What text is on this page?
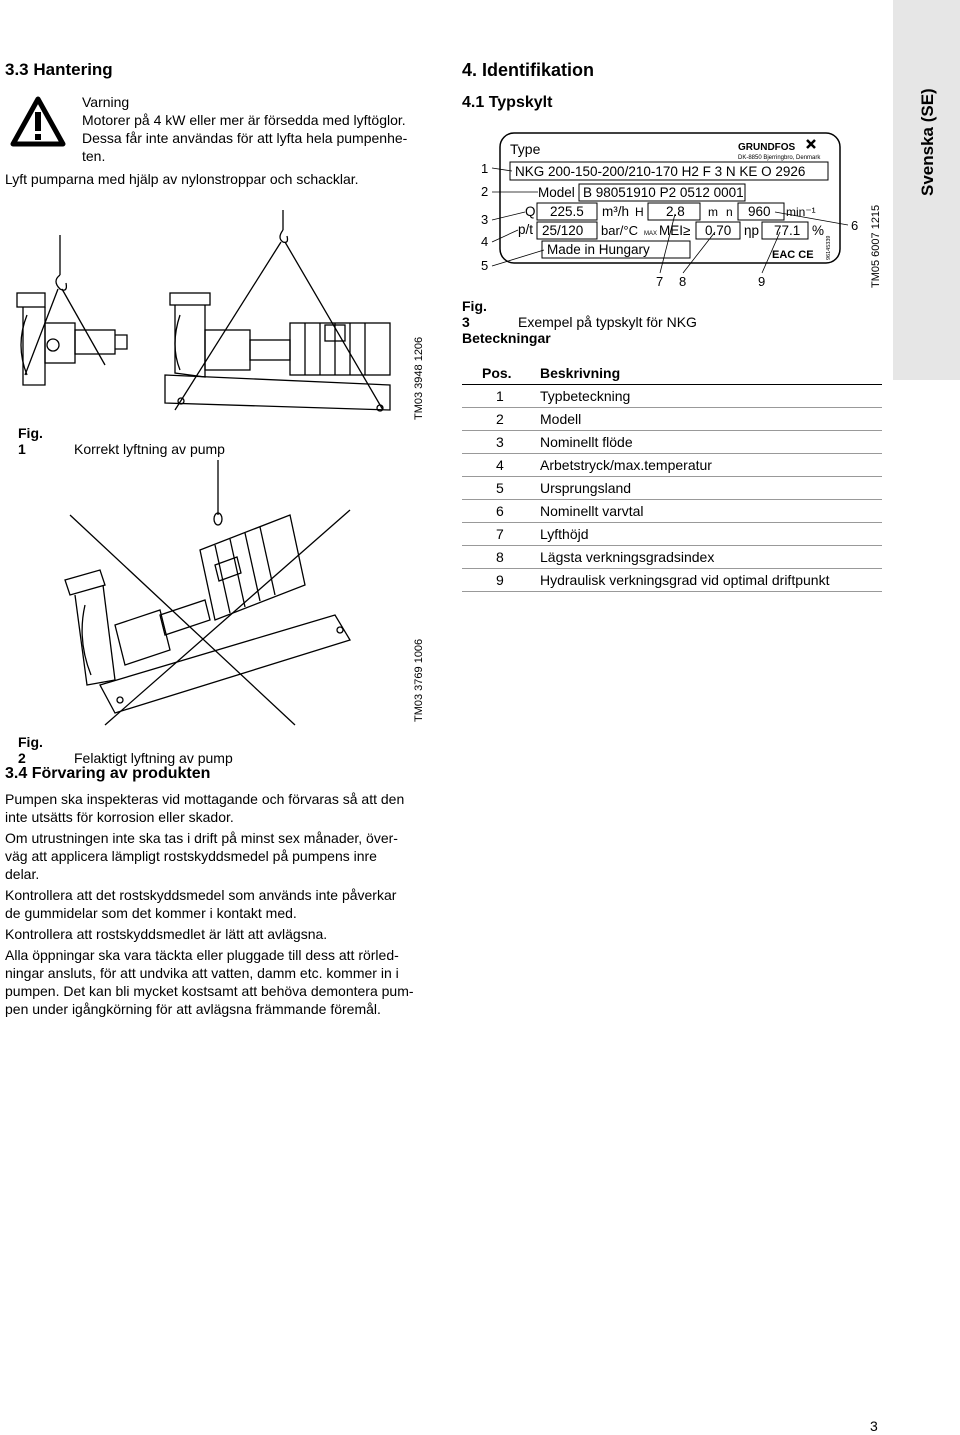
Svenska (SE)
3.3 Hantering
Varning
Motorer på 4 kW eller mer är försedda med lyftöglor.
Dessa får inte användas för att lyfta hela pumpenhe-
ten.
Lyft pumparna med hjälp av nylonstroppar och schacklar.
TM03 3948 1206
Fig. 1	Korrekt lyftning av pump
TM03 3769 1006
Fig. 2	Felaktigt lyftning av pump
3.4 Förvaring av produkten

Pumpen ska inspekteras vid mottagande och förvaras så att den
inte utsätts för korrosion eller skador.

Om utrustningen inte ska tas i drift på minst sex månader, över-
väg att applicera lämpligt rostskyddsmedel på pumpens inre
delar.

Kontrollera att det rostskyddsmedel som används inte påverkar
de gummidelar som det kommer i kontakt med.

Kontrollera att rostskyddsmedlet är lätt att avlägsna.

Alla öppningar ska vara täckta eller pluggade till dess att rörled-
ningar ansluts, för att undvika att vatten, damm etc. kommer in i
pumpen. Det kan bli mycket kostsamt att behöva demontera pum-
pen under igångkörning för att avlägsna främmande föremål.

4. Identifikation
4.1 Typskylt
Type	GRUNDFOS
DK-8850 Bjerringbro, Denmark
NKG 200-150-200/210-170 H2 F 3 N KE O 2926
Model B 98051910 P2 0512 0001
Q 225.5 m³/h H 2.8 m n 960 min⁻¹
p/t 25/120 bar/°C MAX MEI≥ 0.70 ηp 77.1 %
Made in Hungary	EAC CE 96145339
1
2
3
4
5
6
7 8	9	TM05 6007 1215
Fig. 3	Exempel på typskylt för NKG
Beteckningar
Pos.	Beskrivning
1	Typbeteckning
2	Modell
3	Nominellt flöde
4	Arbetstryck/max.temperatur
5	Ursprungsland
6	Nominellt varvtal
7	Lyfthöjd
8	Lägsta verkningsgradsindex
9	Hydraulisk verkningsgrad vid optimal driftpunkt
3
